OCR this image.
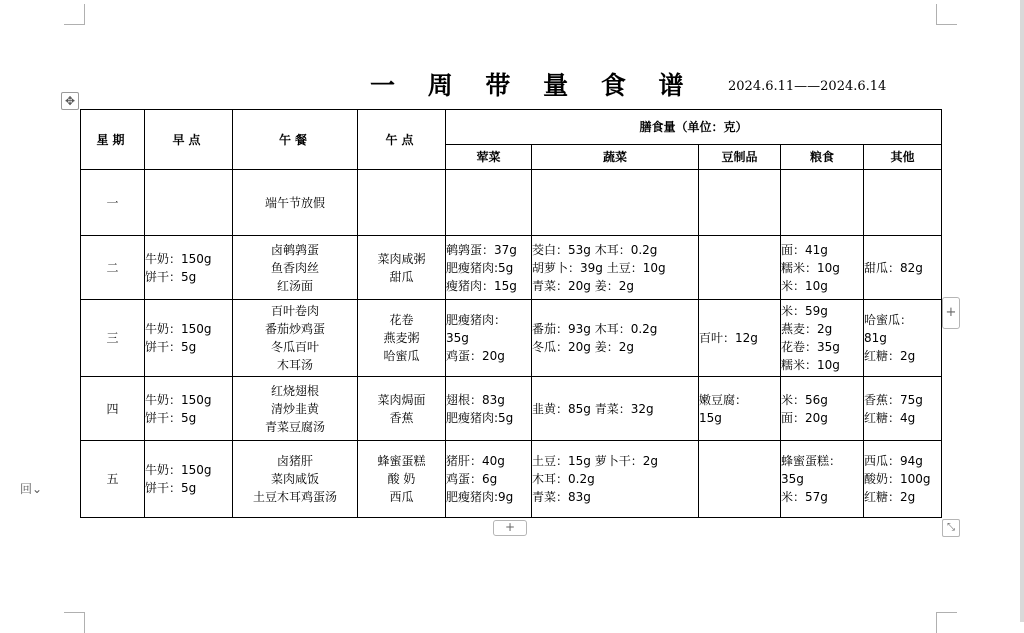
一 周 带 量 食 谱 2024.6.11——2024.6.14
✥
+
+	⤡
回⌄
星期	早点	午餐	午点	膳食量（单位：克）				
				荤菜	蔬菜	豆制品	粮食	其他
一		端午节放假						
二	牛奶：150g
饼干：5g	卤鹌鹑蛋
鱼香肉丝
红汤面	菜肉咸粥
甜瓜	鹌鹑蛋：37g
肥瘦猪肉:5g
瘦猪肉：15g	茭白：53g 木耳：0.2g
胡萝卜：39g 土豆：10g
青菜：20g 姜：2g		面：41g
糯米：10g
米：10g	甜瓜：82g

三	牛奶：150g
饼干：5g	百叶卷肉
番茄炒鸡蛋
冬瓜百叶
木耳汤	花卷
燕麦粥
哈蜜瓜	肥瘦猪肉：
35g
鸡蛋：20g	番茄：93g 木耳：0.2g
冬瓜：20g 姜：2g	百叶：12g	米：59g
燕麦：2g
花卷：35g
糯米：10g	哈蜜瓜：
81g
红糖：2g

四	牛奶：150g
饼干：5g	红烧翅根
清炒韭黄
青菜豆腐汤	菜肉焗面
香蕉	翅根：83g
肥瘦猪肉:5g	韭黄：85g 青菜：32g	嫩豆腐：
15g	米：56g
面：20g	香蕉：75g
红糖：4g

五	牛奶：150g
饼干：5g	卤猪肝
菜肉咸饭
土豆木耳鸡蛋汤	蜂蜜蛋糕
酸 奶
西瓜	猪肝：40g
鸡蛋：6g
肥瘦猪肉:9g	土豆：15g 萝卜干：2g
木耳：0.2g
青菜：83g		蜂蜜蛋糕：
35g
米：57g	西瓜：94g
酸奶：100g
红糖：2g
